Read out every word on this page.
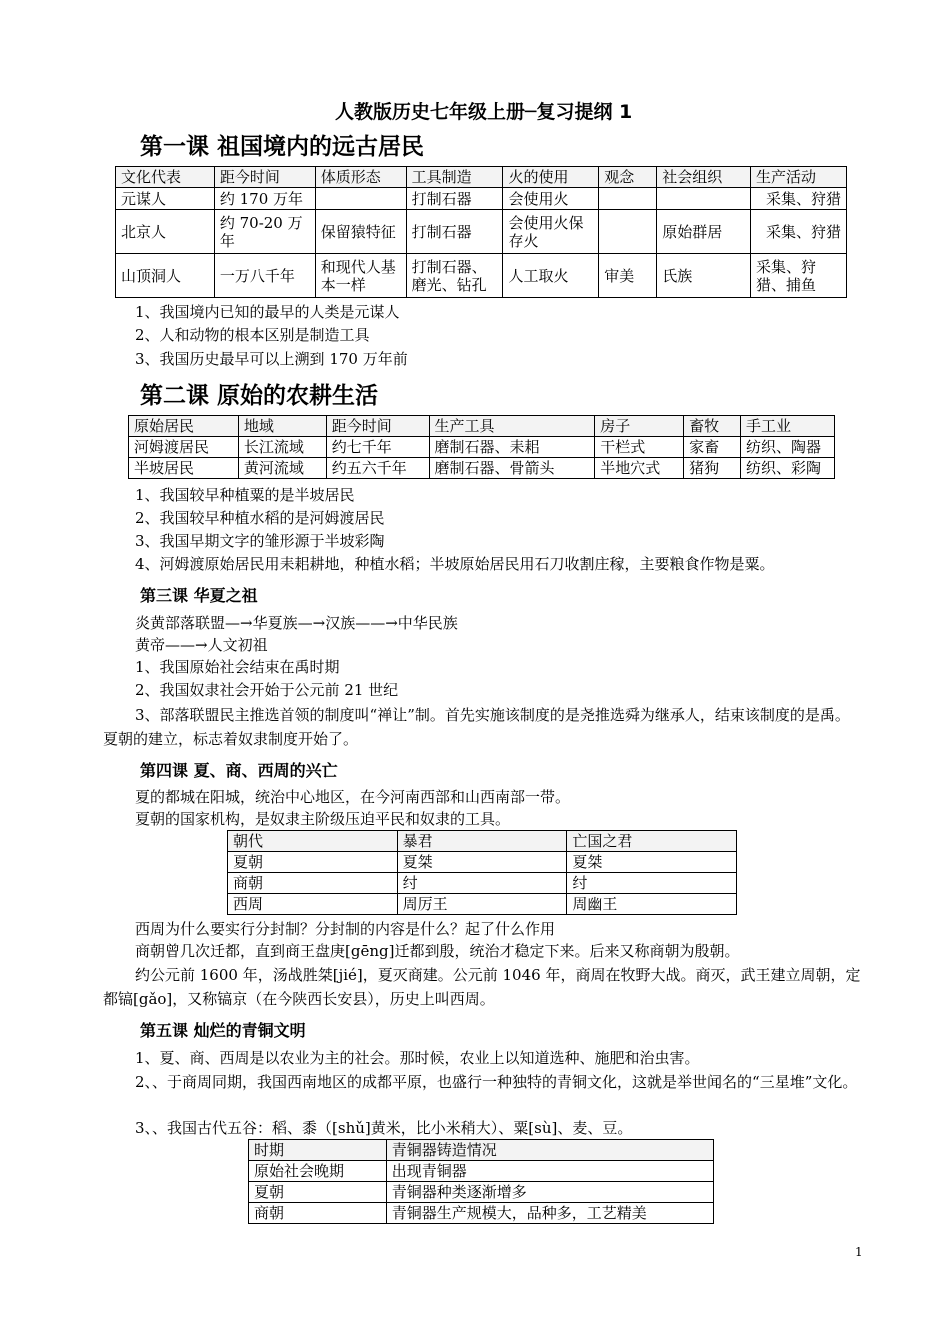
人教版历史七年级上册─复习提纲 1
第一课 祖国境内的远古居民
文化代表	距今时间	体质形态	工具制造	火的使用	观念	社会组织	生产活动
元谋人	约 170 万年		打制石器	会使用火			采集、狩猎
北京人	约 70-20 万年	保留猿特征	打制石器	会使用火保存火		原始群居	采集、狩猎
山顶洞人	一万八千年	和现代人基本一样	打制石器、磨光、钻孔	人工取火	审美	氏族	采集、狩猎、捕鱼
1、我国境内已知的最早的人类是元谋人
2、人和动物的根本区别是制造工具
3、我国历史最早可以上溯到 170 万年前
第二课 原始的农耕生活
原始居民	地域	距今时间	生产工具	房子	畜牧	手工业
河姆渡居民	长江流域	约七千年	磨制石器、耒耜	干栏式	家畜	纺织、陶器
半坡居民	黄河流域	约五六千年	磨制石器、骨箭头	半地穴式	猪狗	纺织、彩陶
1、我国较早种植粟的是半坡居民
2、我国较早种植水稻的是河姆渡居民
3、我国早期文字的雏形源于半坡彩陶
4、河姆渡原始居民用耒耜耕地，种植水稻；半坡原始居民用石刀收割庄稼，主要粮食作物是粟。
第三课 华夏之祖
炎黄部落联盟—→华夏族—→汉族——→中华民族
黄帝——→人文初祖
1、我国原始社会结束在禹时期
2、我国奴隶社会开始于公元前 21 世纪
3、部落联盟民主推选首领的制度叫“禅让”制。首先实施该制度的是尧推选舜为继承人，结束该制度的是禹。夏朝的建立，标志着奴隶制度开始了。
第四课 夏、商、西周的兴亡
夏的都城在阳城，统治中心地区，在今河南西部和山西南部一带。
夏朝的国家机构，是奴隶主阶级压迫平民和奴隶的工具。
朝代	暴君	亡国之君
夏朝	夏桀	夏桀
商朝	纣	纣
西周	周厉王	周幽王
西周为什么要实行分封制？分封制的内容是什么？起了什么作用
商朝曾几次迁都，直到商王盘庚[gēng]迁都到殷，统治才稳定下来。后来又称商朝为殷朝。
约公元前 1600 年，汤战胜桀[jié]，夏灭商建。公元前 1046 年，商周在牧野大战。商灭，武王建立周朝，定都镐[gǎo]，又称镐京（在今陕西长安县），历史上叫西周。
第五课 灿烂的青铜文明
1、夏、商、西周是以农业为主的社会。那时候，农业上以知道选种、施肥和治虫害。
2、、于商周同期，我国西南地区的成都平原，也盛行一种独特的青铜文化，这就是举世闻名的“三星堆”文化。
3、、我国古代五谷：稻、黍（[shǔ]黄米，比小米稍大）、粟[sù]、麦、豆。
时期	青铜器铸造情况
原始社会晚期	出现青铜器
夏朝	青铜器种类逐渐增多
商朝	青铜器生产规模大，品种多，工艺精美
1
